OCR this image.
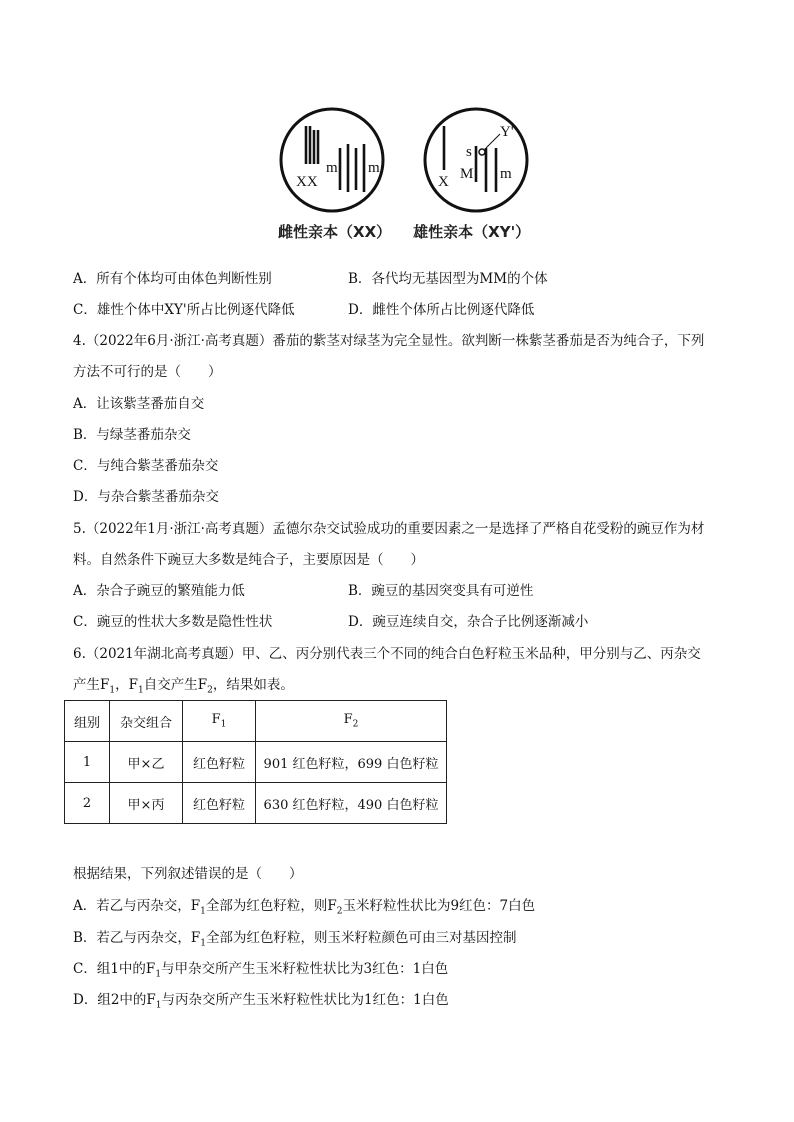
XX
m m
X
s
Y'
M m
雌性亲本（XX） 雄性亲本（XY'）
A．所有个体均可由体色判断性别	B．各代均无基因型为MM的个体
C．雄性个体中XY'所占比例逐代降低	D．雌性个体所占比例逐代降低
4.（2022年6月·浙江·高考真题）番茄的紫茎对绿茎为完全显性。欲判断一株紫茎番茄是否为纯合子，下列
方法不可行的是（　　）
A．让该紫茎番茄自交
B．与绿茎番茄杂交
C．与纯合紫茎番茄杂交
D．与杂合紫茎番茄杂交
5.（2022年1月·浙江·高考真题）孟德尔杂交试验成功的重要因素之一是选择了严格自花受粉的豌豆作为材
料。自然条件下豌豆大多数是纯合子，主要原因是（　　）
A．杂合子豌豆的繁殖能力低	B．豌豆的基因突变具有可逆性
C．豌豆的性状大多数是隐性性状	D．豌豆连续自交，杂合子比例逐渐减小
6.（2021年湖北高考真题）甲、乙、丙分别代表三个不同的纯合白色籽粒玉米品种，甲分别与乙、丙杂交
产生$F_1$，$F_1$自交产生$F_2$，结果如表。
组别	杂交组合	$F_1$	$F_2$
1	甲×乙	红色籽粒	901 红色籽粒，699 白色籽粒
2	甲×丙	红色籽粒	630 红色籽粒，490 白色籽粒
根据结果，下列叙述错误的是（　　）
A．若乙与丙杂交，$F_1$全部为红色籽粒，则$F_2$玉米籽粒性状比为9红色：7白色
B．若乙与丙杂交，$F_1$全部为红色籽粒，则玉米籽粒颜色可由三对基因控制
C．组1中的$F_1$与甲杂交所产生玉米籽粒性状比为3红色：1白色
D．组2中的$F_1$与丙杂交所产生玉米籽粒性状比为1红色：1白色
